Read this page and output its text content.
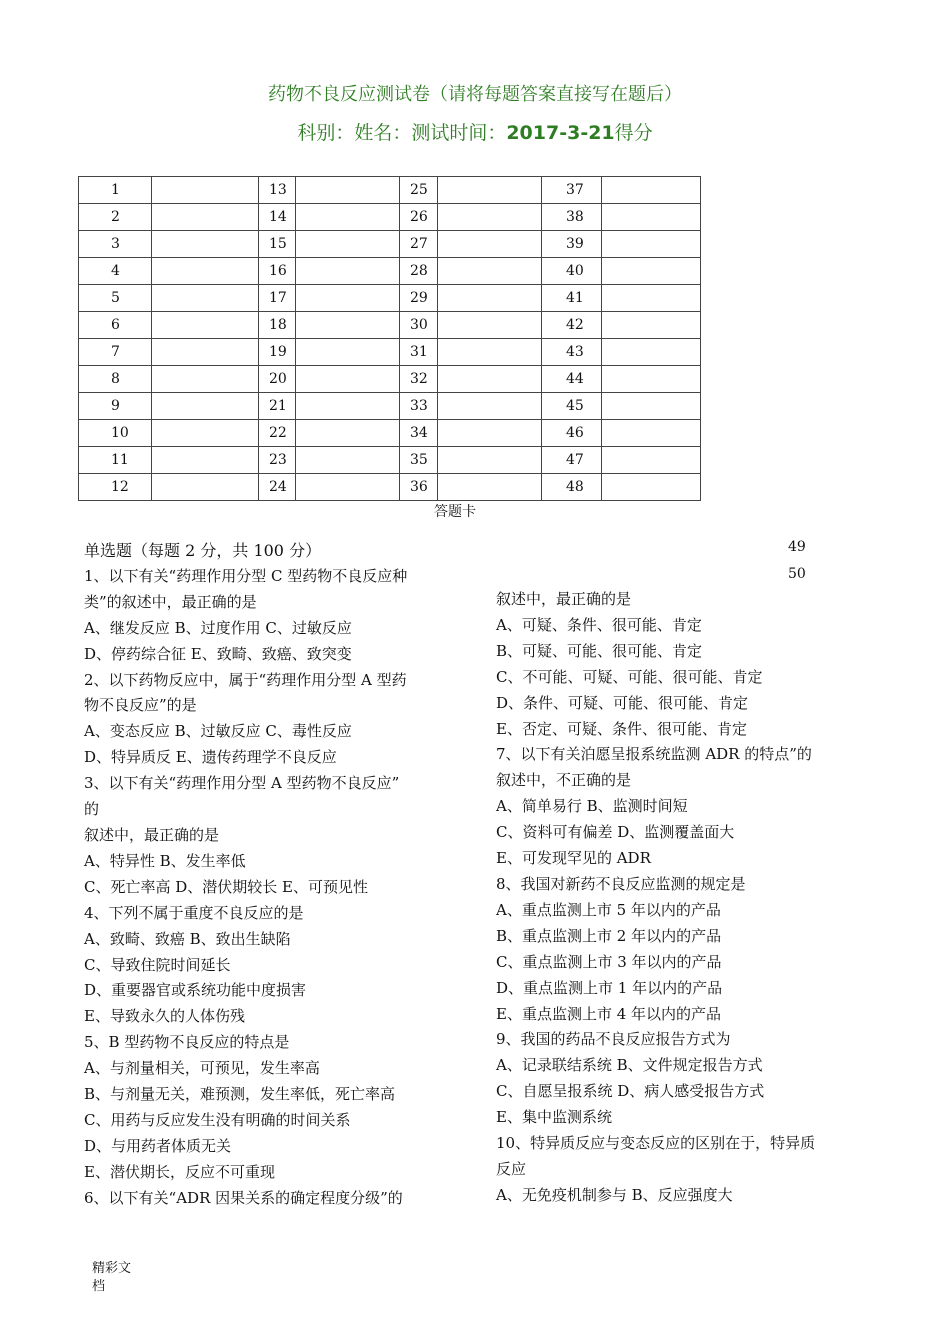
药物不良反应测试卷（请将每题答案直接写在题后）
科别：姓名：测试时间：2017-3-21得分
1		13		25		37	
2		14		26		38	
3		15		27		39	
4		16		28		40	
5		17		29		41	
6		18		30		42	
7		19		31		43	
8		20		32		44	
9		21		33		45	
10		22		34		46	
11		23		35		47	
12		24		36		48	
答题卡
49
50
单选题（每题 2 分，共 100 分）
1、以下有关“药理作用分型 C 型药物不良反应种
类”的叙述中，最正确的是
A、继发反应 B、过度作用 C、过敏反应
D、停药综合征 E、致畸、致癌、致突变
2、以下药物反应中，属于“药理作用分型 A 型药
物不良反应”的是
A、变态反应 B、过敏反应 C、毒性反应
D、特异质反 E、遗传药理学不良反应
3、以下有关“药理作用分型 A 型药物不良反应”
的
叙述中，最正确的是
A、特异性 B、发生率低
C、死亡率高 D、潜伏期较长 E、可预见性
4、下列不属于重度不良反应的是
A、致畸、致癌 B、致出生缺陷
C、导致住院时间延长
D、重要器官或系统功能中度损害
E、导致永久的人体伤残
5、B 型药物不良反应的特点是
A、与剂量相关，可预见，发生率高
B、与剂量无关，难预测，发生率低，死亡率高
C、用药与反应发生没有明确的时间关系
D、与用药者体质无关
E、潜伏期长，反应不可重现
6、以下有关“ADR 因果关系的确定程度分级”的
叙述中，最正确的是
A、可疑、条件、很可能、肯定
B、可疑、可能、很可能、肯定
C、不可能、可疑、可能、很可能、肯定
D、条件、可疑、可能、很可能、肯定
E、否定、可疑、条件、很可能、肯定
7、以下有关泊愿呈报系统监测 ADR 的特点”的
叙述中，不正确的是
A、简单易行 B、监测时间短
C、资料可有偏差 D、监测覆盖面大
E、可发现罕见的 ADR
8、我国对新药不良反应监测的规定是
A、重点监测上市 5 年以内的产品
B、重点监测上市 2 年以内的产品
C、重点监测上市 3 年以内的产品
D、重点监测上市 1 年以内的产品
E、重点监测上市 4 年以内的产品
9、我国的药品不良反应报告方式为
A、记录联结系统 B、文件规定报告方式
C、自愿呈报系统 D、病人感受报告方式
E、集中监测系统
10、特异质反应与变态反应的区别在于，特异质
反应
A、无免疫机制参与 B、反应强度大
精彩文
档
